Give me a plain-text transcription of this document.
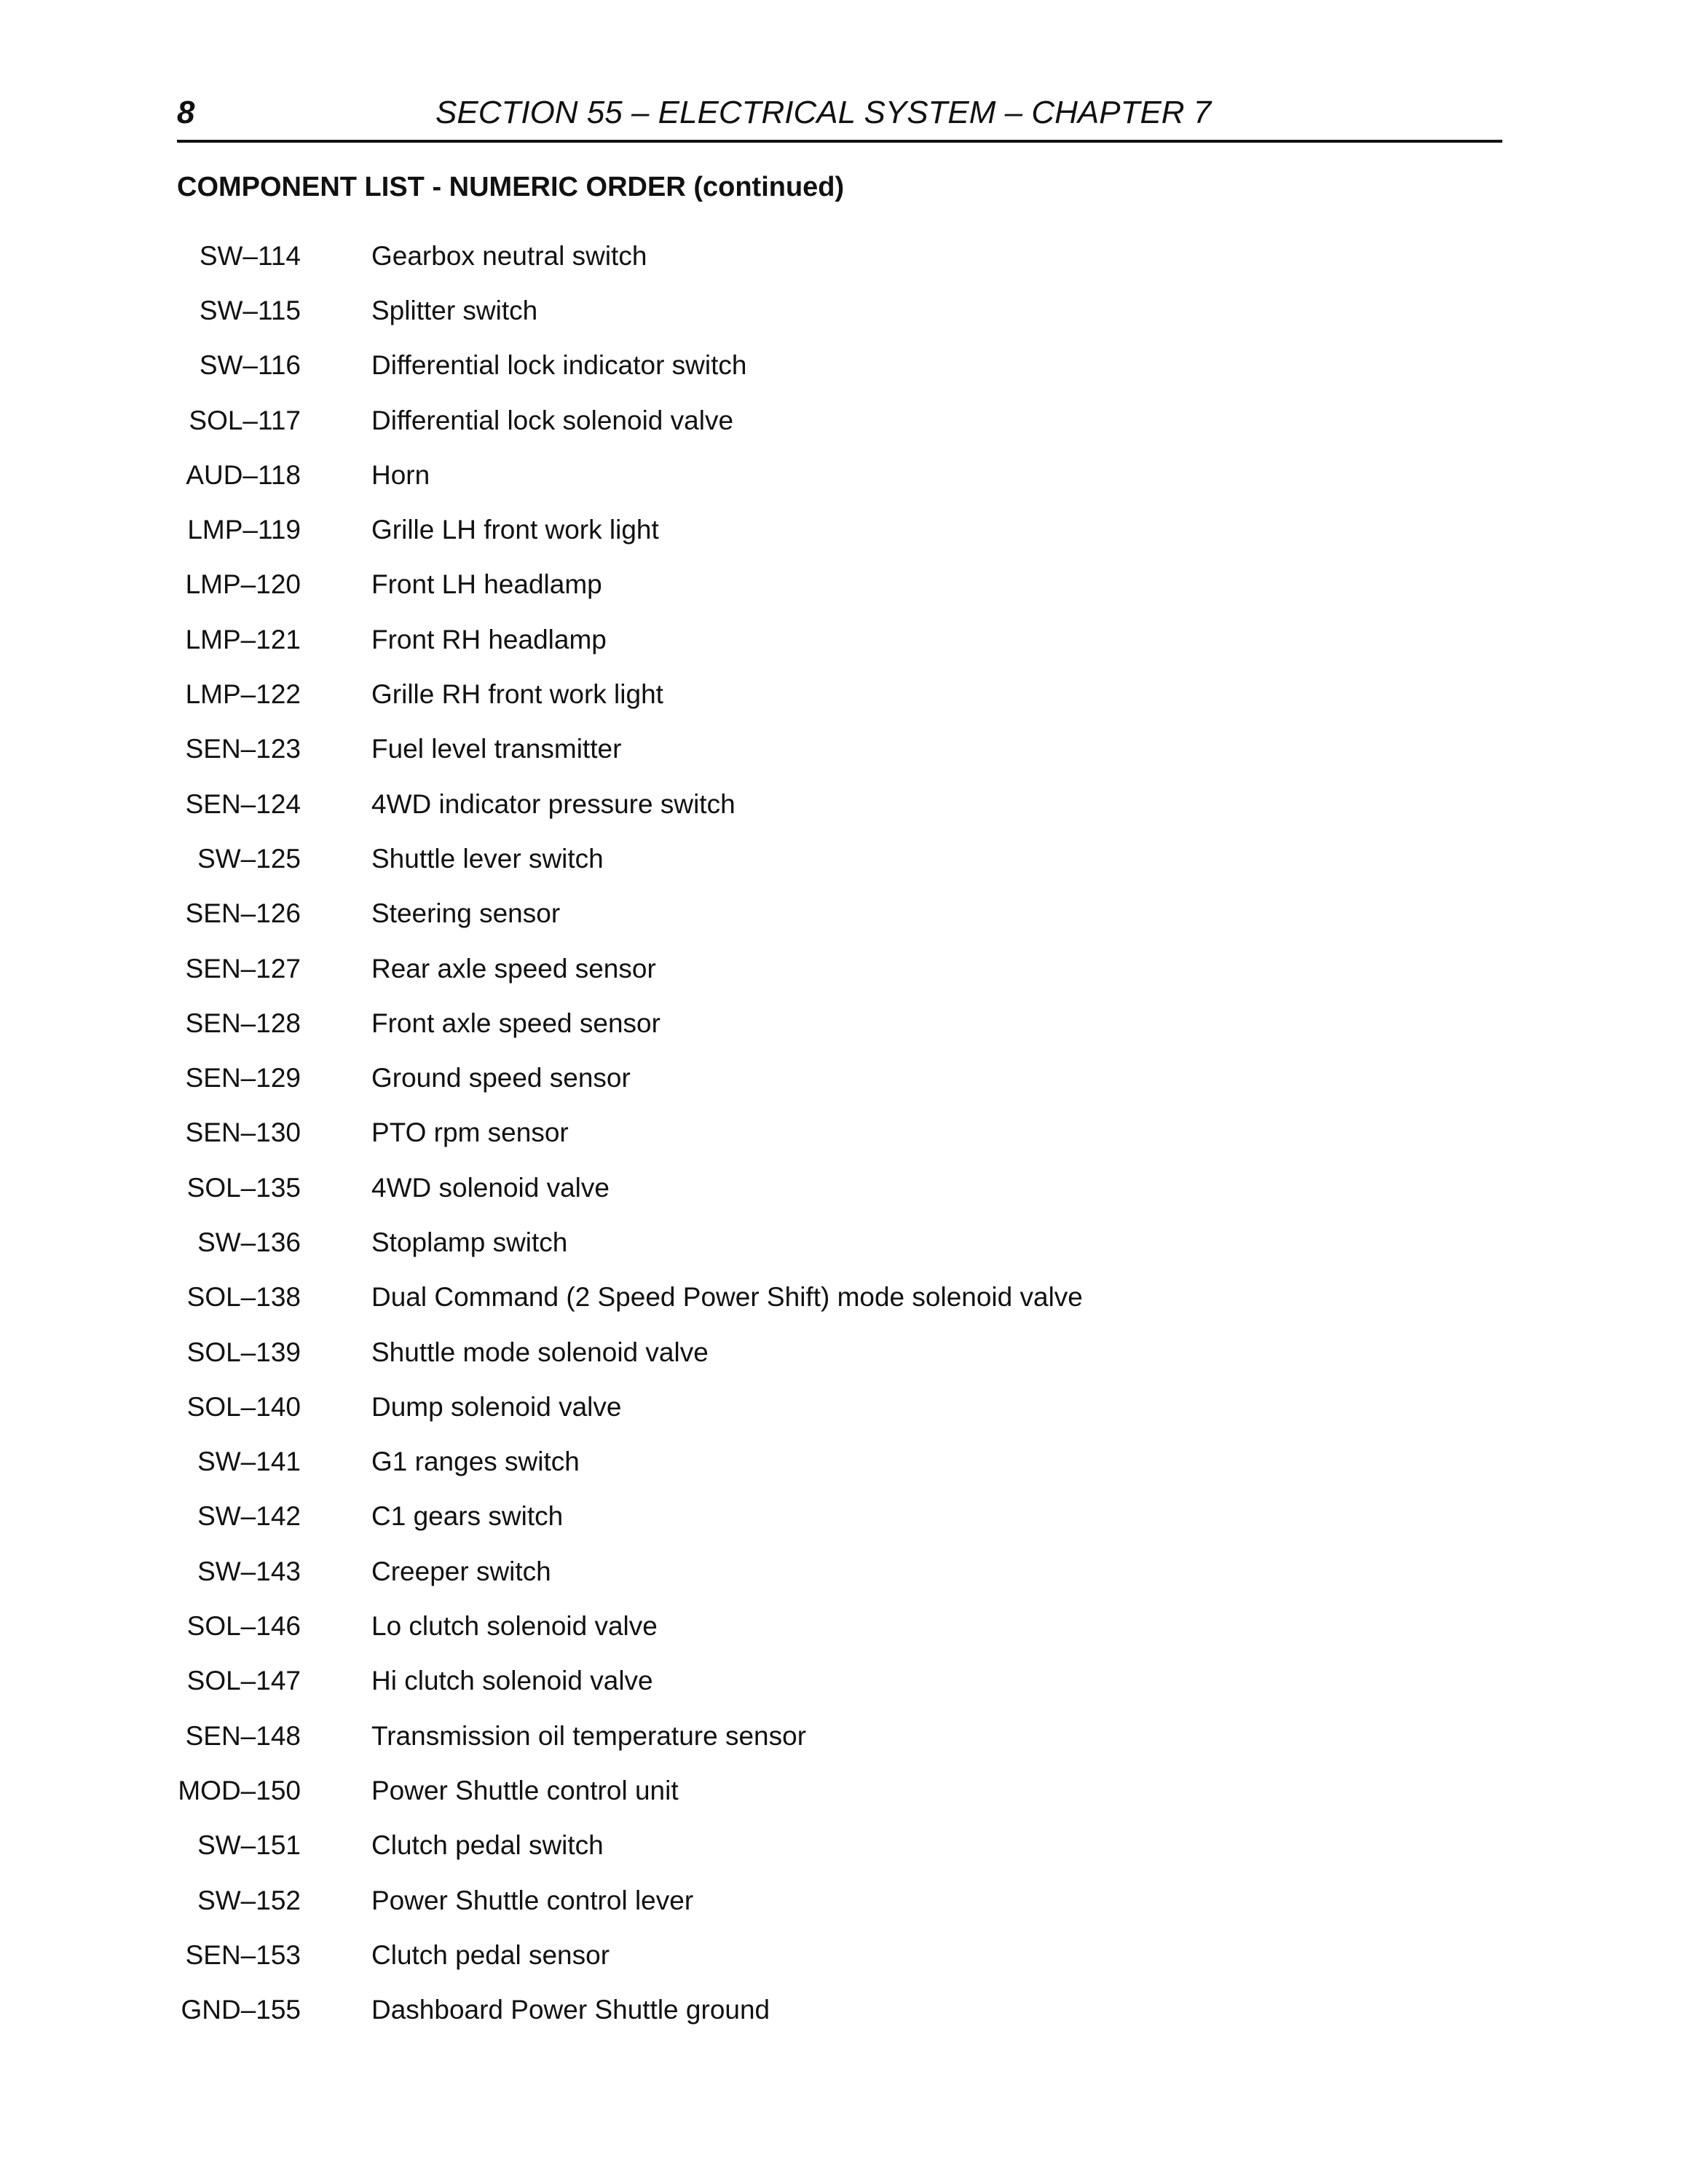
8	SECTION 55 – ELECTRICAL SYSTEM – CHAPTER 7
COMPONENT LIST - NUMERIC ORDER (continued)
SW–114	Gearbox neutral switch
SW–115	Splitter switch
SW–116	Differential lock indicator switch
SOL–117	Differential lock solenoid valve
AUD–118	Horn
LMP–119	Grille LH front work light
LMP–120	Front LH headlamp
LMP–121	Front RH headlamp
LMP–122	Grille RH front work light
SEN–123	Fuel level transmitter
SEN–124	4WD indicator pressure switch
SW–125	Shuttle lever switch
SEN–126	Steering sensor
SEN–127	Rear axle speed sensor
SEN–128	Front axle speed sensor
SEN–129	Ground speed sensor
SEN–130	PTO rpm sensor
SOL–135	4WD solenoid valve
SW–136	Stoplamp switch
SOL–138	Dual Command (2 Speed Power Shift) mode solenoid valve
SOL–139	Shuttle mode solenoid valve
SOL–140	Dump solenoid valve
SW–141	G1 ranges switch
SW–142	C1 gears switch
SW–143	Creeper switch
SOL–146	Lo clutch solenoid valve
SOL–147	Hi clutch solenoid valve
SEN–148	Transmission oil temperature sensor
MOD–150	Power Shuttle control unit
SW–151	Clutch pedal switch
SW–152	Power Shuttle control lever
SEN–153	Clutch pedal sensor
GND–155	Dashboard Power Shuttle ground
